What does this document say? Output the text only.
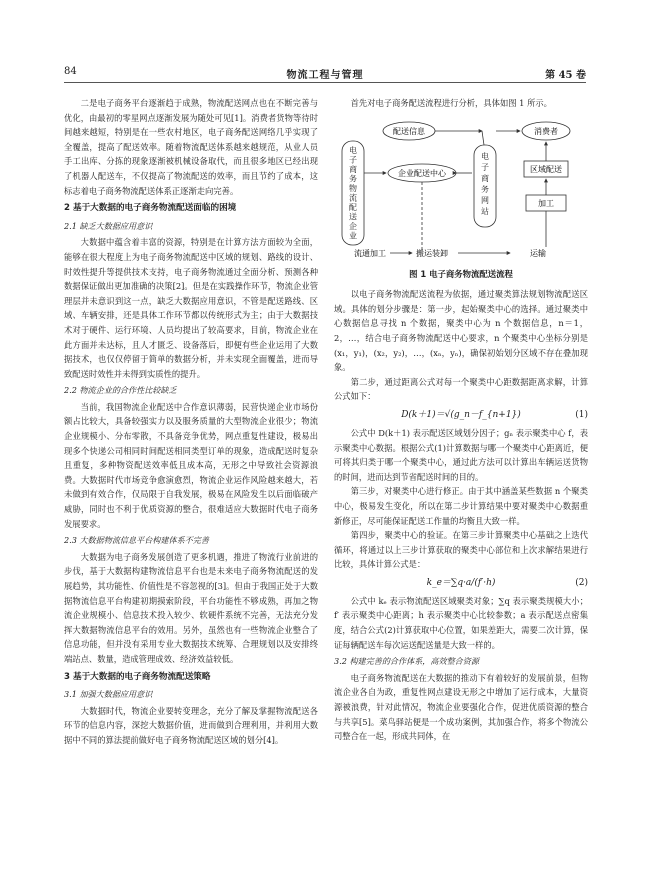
84	物流工程与管理	第 45 卷

二是电子商务平台逐渐趋于成熟，物流配送网点也在不断完善与优化，由最初的零星网点逐渐发展为随处可见[1]。消费者货物等待时间越来越短，特别是在一些农村地区，电子商务配送网络几乎实现了全覆盖，提高了配送效率。随着物流配送体系越来越规范，从业人员手工出库、分拣的现象逐渐被机械设备取代，而且很多地区已经出现了机器人配送车，不仅提高了物流配送的效率，而且节约了成本，这标志着电子商务物流配送体系正逐渐走向完善。

2 基于大数据的电子商务物流配送面临的困境
2.1 缺乏大数据应用意识

大数据中蕴含着丰富的资源，特别是在计算方法方面较为全面，能够在很大程度上为电子商务物流配送中区域的规划、路线的设计、时效性提升等提供技术支持，电子商务物流通过全面分析、预测各种数据保证做出更加准确的决策[2]。但是在实践操作环节，物流企业管理层并未意识到这一点，缺乏大数据应用意识，不管是配送路线、区域、车辆安排，还是具体工作环节都以传统形式为主；由于大数据技术对于硬件、运行环境、人员均提出了较高要求，目前，物流企业在此方面并未达标，且人才匮乏、设备落后，即便有些企业运用了大数据技术，也仅仅停留于简单的数据分析，并未实现全面覆盖，进而导致配送时效性并未得到实质性的提升。

2.2 物流企业的合作性比较缺乏

当前，我国物流企业配送中合作意识薄弱，民营快递企业市场份额占比较大，具备较强实力以及服务质量的大型物流企业很少；物流企业规模小、分布零散，不具备竞争优势，网点重复性建设，极易出现多个快递公司相同时间配送相同类型订单的现象，造成配送时复杂且重复，多种物资配送效率低且成本高，无形之中导致社会资源浪费。大数据时代市场竞争愈演愈烈，物流企业运作风险越来越大，若未做到有效合作，仅局限于自我发展，极易在风险发生以后面临破产威胁，同时也不利于优质资源的整合，很难适应大数据时代电子商务发展要求。

2.3 大数据物流信息平台构建体系不完善

大数据为电子商务发展创造了更多机遇，推进了物流行业前进的步伐，基于大数据构建物流信息平台也是未来电子商务物流配送的发展趋势，其功能性、价值性是不容忽视的[3]。但由于我国正处于大数据物流信息平台构建初期摸索阶段，平台功能性不够成熟，再加之物流企业规模小、信息技术投入较少、软硬件系统不完善，无法充分发挥大数据物流信息平台的效用。另外，虽然也有一些物流企业整合了信息功能，但并没有采用专业大数据技术统筹、合理规划以及安排终端站点、数量，造成管理成效、经济效益较低。

3 基于大数据的电子商务物流配送策略
3.1 加强大数据应用意识

大数据时代，物流企业要转变理念，充分了解及掌握物流配送各环节的信息内容，深挖大数据价值，进而做到合理利用，并利用大数据中不同的算法提前做好电子商务物流配送区域的划分[4]。

首先对电子商务配送流程进行分析，具体如图 1 所示。

电
子
商
务
物
流
配
送
企
业
电
子
商
务
网
站
配送信息
企业配送中心
消费者
区域配送
加工
流通加工	搬运装卸	运输
图 1 电子商务物流配送流程

以电子商务物流配送流程为依据，通过聚类算法规划物流配送区域。具体的划分步骤是：第一步，起始聚类中心的选择。通过聚类中心数据信息寻找 n 个数据，聚类中心为 n 个数据信息，n＝1，2，…，结合电子商务物流配送中心要求，n 个聚类中心坐标分别是(x₁，y₁)，(x₂，y₂)，…，(xₙ，yₙ)，确保初始划分区域不存在叠加现象。

第二步，通过距离公式对每一个聚类中心距数据距离求解，计算公式如下：

D(k＋1)＝√(g_n－f_{n+1})	(1)

公式中 D(k＋1) 表示配送区域划分因子；gₙ 表示聚类中心 f，表示聚类中心数据。根据公式(1)计算数据与哪一个聚类中心距离近，便可将其归类于哪一个聚类中心，通过此方法可以计算出车辆运送货物的时间，进而达到节省配送时间的目的。

第三步，对聚类中心进行修正。由于其中涵盖某些数据 n 个聚类中心，极易发生变化，所以在第二步计算结果中要对聚类中心数据重新修正，尽可能保证配送工作量的均衡且大致一样。

第四步，聚类中心的验证。在第三步计算聚类中心基础之上迭代循环，将通过以上三步计算获取的聚类中心部位和上次求解结果进行比较，具体计算公式是：

k_e＝∑q·a/(f′·h)	(2)

公式中 kₑ 表示物流配送区域聚类对象；∑q 表示聚类规模大小；f′ 表示聚类中心距离；h 表示聚类中心比较参数；a 表示配送点密集度，结合公式(2)计算获取中心位置，如果差距大，需要二次计算，保证每辆配送车每次运送配送量是大致一样的。

3.2 构建完善的合作体系，高效整合资源

电子商务物流配送在大数据的推动下有着较好的发展前景，但物流企业各自为政，重复性网点建设无形之中增加了运行成本，大量资源被浪费，针对此情况，物流企业要强化合作，促进优质资源的整合与共享[5]。菜鸟驿站便是一个成功案例，其加强合作，将多个物流公司整合在一起，形成共同体，在
